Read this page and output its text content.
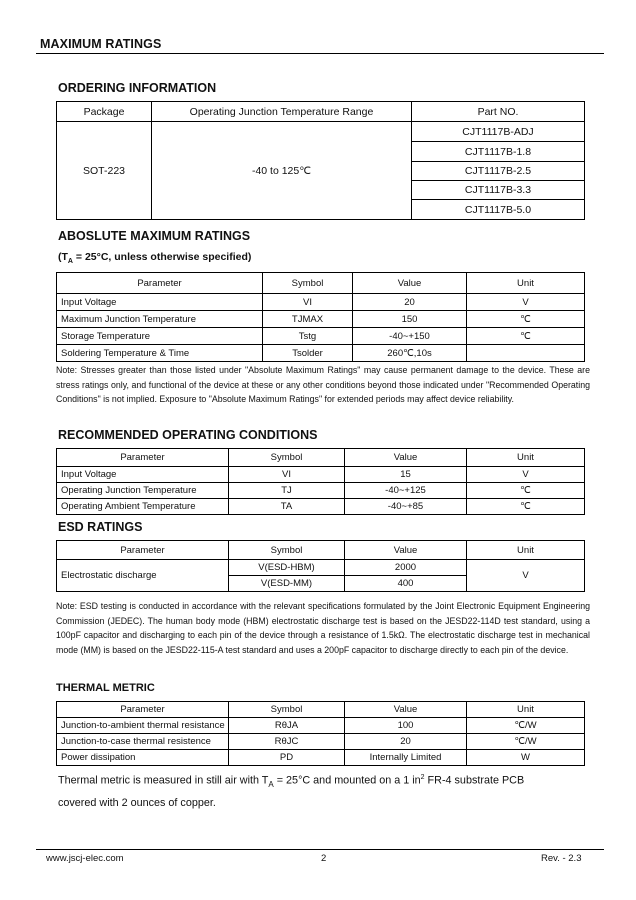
MAXIMUM RATINGS
ORDERING INFORMATION
Package	Operating Junction Temperature Range	Part NO.
SOT-223	-40 to 125℃	CJT1117B-ADJ
		CJT1117B-1.8
		CJT1117B-2.5
		CJT1117B-3.3
		CJT1117B-5.0
ABOSLUTE MAXIMUM RATINGS
($T_A = 25^\circ C$, unless otherwise specified)
Parameter	Symbol	Value	Unit
Input Voltage	VI	20	V
Maximum Junction Temperature	TJMAX	150	℃
Storage Temperature	Tstg	-40~+150	℃
Soldering Temperature & Time	Tsolder	260℃,10s	
Note: Stresses greater than those listed under "Absolute Maximum Ratings" may cause permanent damage to the device. These are stress ratings only, and functional of the device at these or any other conditions beyond those indicated under "Recommended Operating Conditions" is not implied. Exposure to "Absolute Maximum Ratings" for extended periods may affect device reliability.
RECOMMENDED OPERATING CONDITIONS
Parameter	Symbol	Value	Unit
Input Voltage	VI	15	V
Operating Junction Temperature	TJ	-40~+125	℃
Operating Ambient Temperature	TA	-40~+85	℃
ESD RATINGS
Parameter	Symbol	Value	Unit
Electrostatic discharge	V(ESD-HBM)	2000	V
	V(ESD-MM)	400	
Note: ESD testing is conducted in accordance with the relevant specifications formulated by the Joint Electronic Equipment Engineering Commission (JEDEC). The human body mode (HBM) electrostatic discharge test is based on the JESD22-114D test standard, using a 100pF capacitor and discharging to each pin of the device through a resistance of 1.5kΩ. The electrostatic discharge test in mechanical mode (MM) is based on the JESD22-115-A test standard and uses a 200pF capacitor to discharge directly to each pin of the device.
THERMAL METRIC
Parameter	Symbol	Value	Unit
Junction-to-ambient thermal resistance	RθJA	100	℃/W
Junction-to-case thermal resistence	RθJC	20	℃/W
Power dissipation	PD	Internally Limited	W
Thermal metric is measured in still air with $T_A = 25^\circ C$ and mounted on a 1 $in^2$ FR-4 substrate PCB
covered with 2 ounces of copper.
www.jscj-elec.com	2	Rev. - 2.3
